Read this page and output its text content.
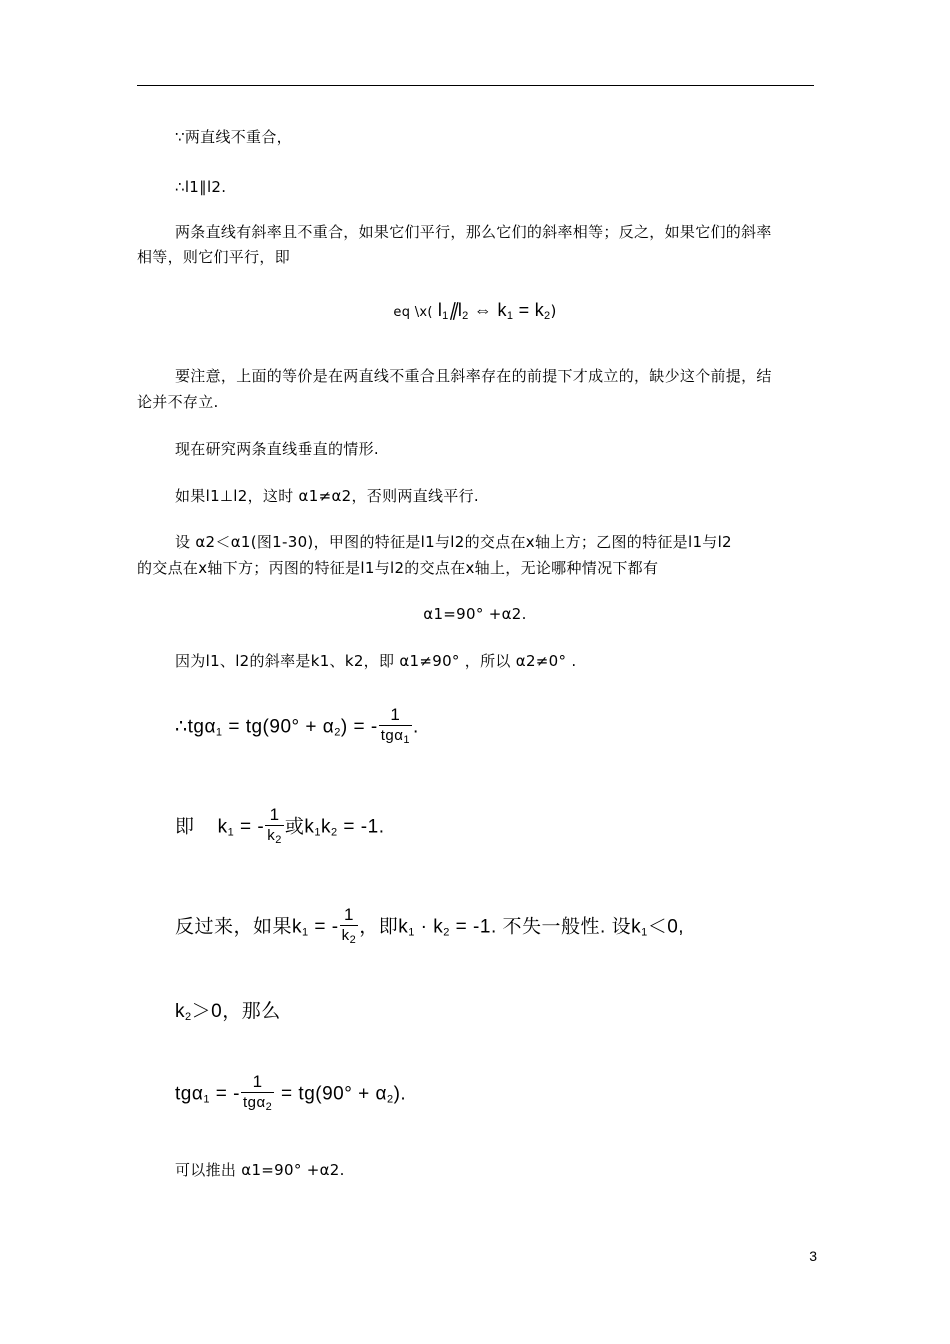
∵两直线不重合，
∴l1∥l2.
两条直线有斜率且不重合，如果它们平行，那么它们的斜率相等；反之，如果它们的斜率
相等，则它们平行，即
eq \x( $l_1\parallel l_2$ ⇔ $k_1 = k_2$)
要注意，上面的等价是在两直线不重合且斜率存在的前提下才成立的，缺少这个前提，结
论并不存立.
现在研究两条直线垂直的情形.
如果l1⊥l2，这时 α1≠α2，否则两直线平行.
设 α2＜α1(图1-30)，甲图的特征是l1与l2的交点在x轴上方；乙图的特征是l1与l2
的交点在x轴下方；丙图的特征是l1与l2的交点在x轴上，无论哪种情况下都有
α1=90° +α2.
因为l1、l2的斜率是k1、k2，即 α1≠90° ，所以 α2≠0° .
∴tgα$_1$ = $tg(90^\circ + \alpha_2)$ = - $\frac{1}{tg\alpha_1}$ .
即 $k_1$ = - $\frac{1}{k_2}$ 或$k_1k_2 = -1$.
反过来，如果$k_1$ = - $\frac{1}{k_2}$ ，即$k_1 \cdot k_2 = -1$. 不失一般性. 设$k_1<0$,
$k_2>0$，那么
tgα$_1$ = - $\frac{1}{tg\alpha_2} = tg(90^\circ + \alpha_2)$.
可以推出 α1=90° +α2.
3
